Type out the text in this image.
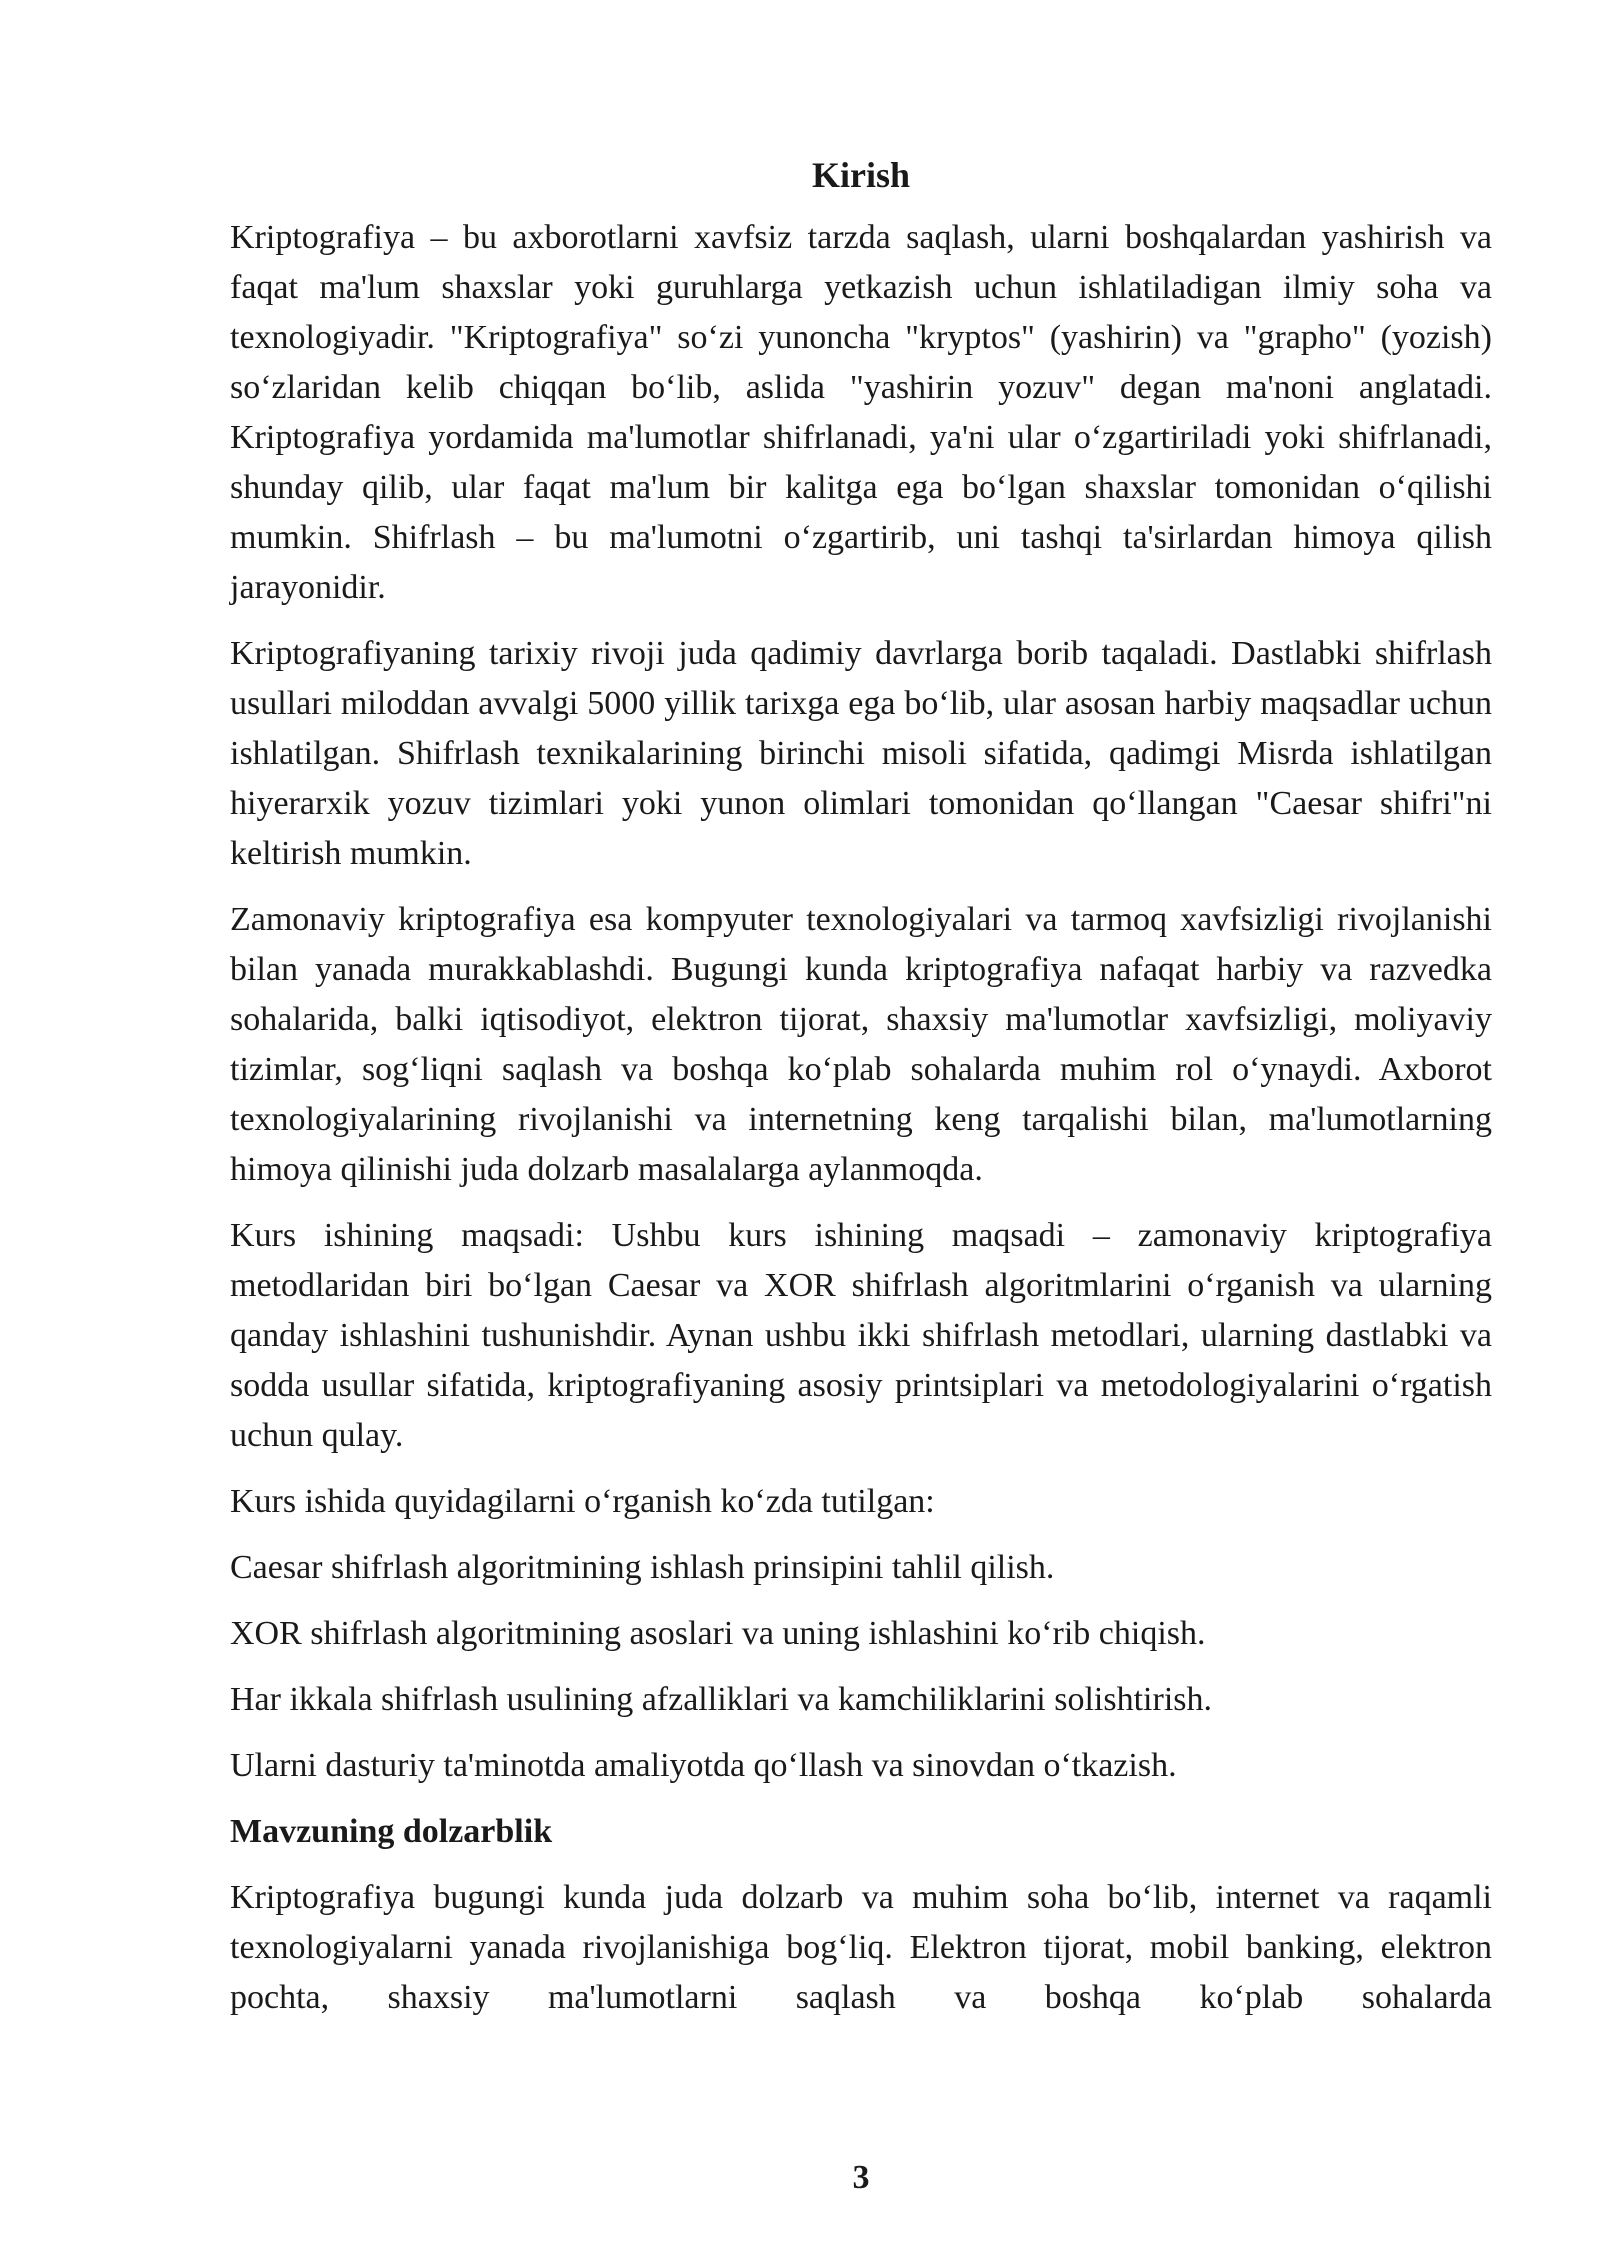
Kirish

Kriptografiya – bu axborotlarni xavfsiz tarzda saqlash, ularni boshqalardan yashirish va faqat ma'lum shaxslar yoki guruhlarga yetkazish uchun ishlatiladigan ilmiy soha va texnologiyadir. "Kriptografiya" so‘zi yunoncha "kryptos" (yashirin) va "grapho" (yozish) so‘zlaridan kelib chiqqan bo‘lib, aslida "yashirin yozuv" degan ma'noni anglatadi. Kriptografiya yordamida ma'lumotlar shifrlanadi, ya'ni ular o‘zgartiriladi yoki shifrlanadi, shunday qilib, ular faqat ma'lum bir kalitga ega bo‘lgan shaxslar tomonidan o‘qilishi mumkin. Shifrlash – bu ma'lumotni o‘zgartirib, uni tashqi ta'sirlardan himoya qilish jarayonidir.

Kriptografiyaning tarixiy rivoji juda qadimiy davrlarga borib taqaladi. Dastlabki shifrlash usullari miloddan avvalgi 5000 yillik tarixga ega bo‘lib, ular asosan harbiy maqsadlar uchun ishlatilgan. Shifrlash texnikalarining birinchi misoli sifatida, qadimgi Misrda ishlatilgan hiyerarxik yozuv tizimlari yoki yunon olimlari tomonidan qo‘llangan "Caesar shifri"ni keltirish mumkin.

Zamonaviy kriptografiya esa kompyuter texnologiyalari va tarmoq xavfsizligi rivojlanishi bilan yanada murakkablashdi. Bugungi kunda kriptografiya nafaqat harbiy va razvedka sohalarida, balki iqtisodiyot, elektron tijorat, shaxsiy ma'lumotlar xavfsizligi, moliyaviy tizimlar, sog‘liqni saqlash va boshqa ko‘plab sohalarda muhim rol o‘ynaydi. Axborot texnologiyalarining rivojlanishi va internetning keng tarqalishi bilan, ma'lumotlarning himoya qilinishi juda dolzarb masalalarga aylanmoqda.

Kurs ishining maqsadi: Ushbu kurs ishining maqsadi – zamonaviy kriptografiya metodlaridan biri bo‘lgan Caesar va XOR shifrlash algoritmlarini o‘rganish va ularning qanday ishlashini tushunishdir. Aynan ushbu ikki shifrlash metodlari, ularning dastlabki va sodda usullar sifatida, kriptografiyaning asosiy printsiplari va metodologiyalarini o‘rgatish uchun qulay.

Kurs ishida quyidagilarni o‘rganish ko‘zda tutilgan:

Caesar shifrlash algoritmining ishlash prinsipini tahlil qilish.

XOR shifrlash algoritmining asoslari va uning ishlashini ko‘rib chiqish.

Har ikkala shifrlash usulining afzalliklari va kamchiliklarini solishtirish.

Ularni dasturiy ta'minotda amaliyotda qo‘llash va sinovdan o‘tkazish.

Mavzuning dolzarblik

Kriptografiya bugungi kunda juda dolzarb va muhim soha bo‘lib, internet va raqamli texnologiyalarni yanada rivojlanishiga bog‘liq. Elektron tijorat, mobil banking, elektron pochta, shaxsiy ma'lumotlarni saqlash va boshqa ko‘plab sohalarda

3
